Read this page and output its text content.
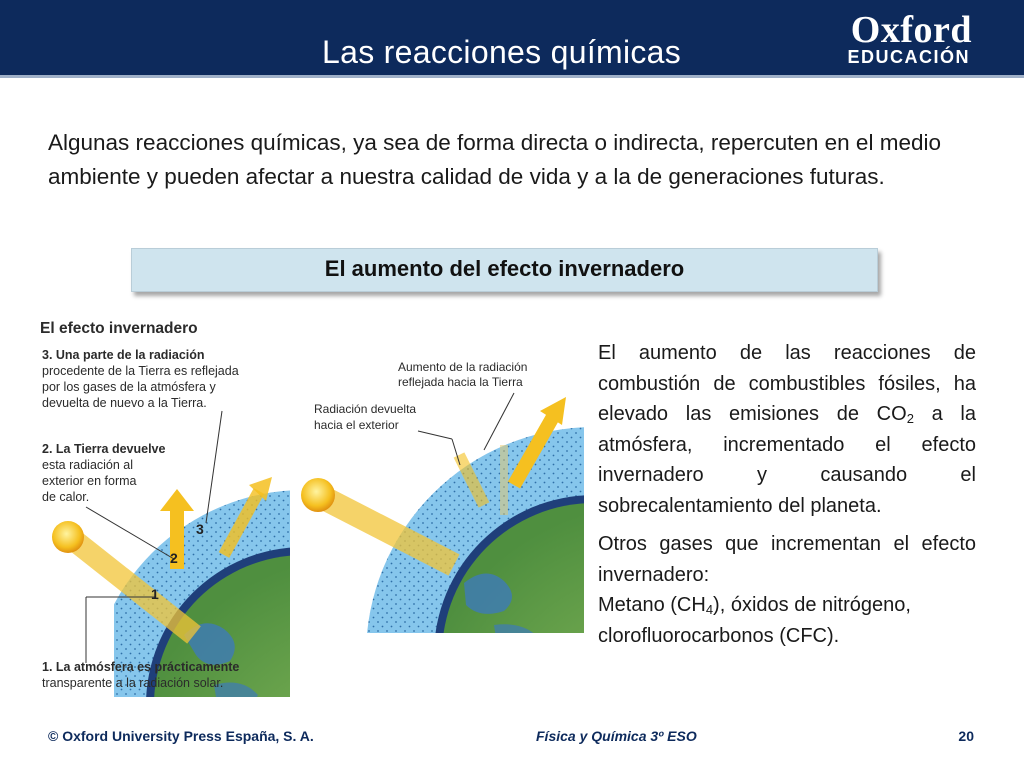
Las reacciones químicas
Oxford
EDUCACIÓN
Algunas reacciones químicas, ya sea de forma directa o indirecta, repercuten en el medio ambiente y pueden afectar a nuestra calidad de vida y a la de generaciones futuras.
El aumento del efecto invernadero
3
2
1
El efecto invernadero
3. Una parte de la radiación
procedente de la Tierra es reflejada
por los gases de la atmósfera y
devuelta de nuevo a la Tierra.
2. La Tierra devuelve
esta radiación al
exterior en forma
de calor.
1. La atmósfera es prácticamente
transparente a la radiación solar.
Aumento de la radiación
reflejada hacia la Tierra
Radiación devuelta
hacia el exterior

El aumento de las reacciones de combustión de combustibles fósiles, ha elevado las emisiones de $CO_2$ a la atmósfera, incrementado el efecto invernadero y causando el sobrecalentamiento del planeta.

Otros gases que incrementan el efecto invernadero:

Metano $(CH_4)$, óxidos de nitrógeno, clorofluorocarbonos (CFC).

© Oxford University Press España, S. A.	Física y Química 3º ESO	20
